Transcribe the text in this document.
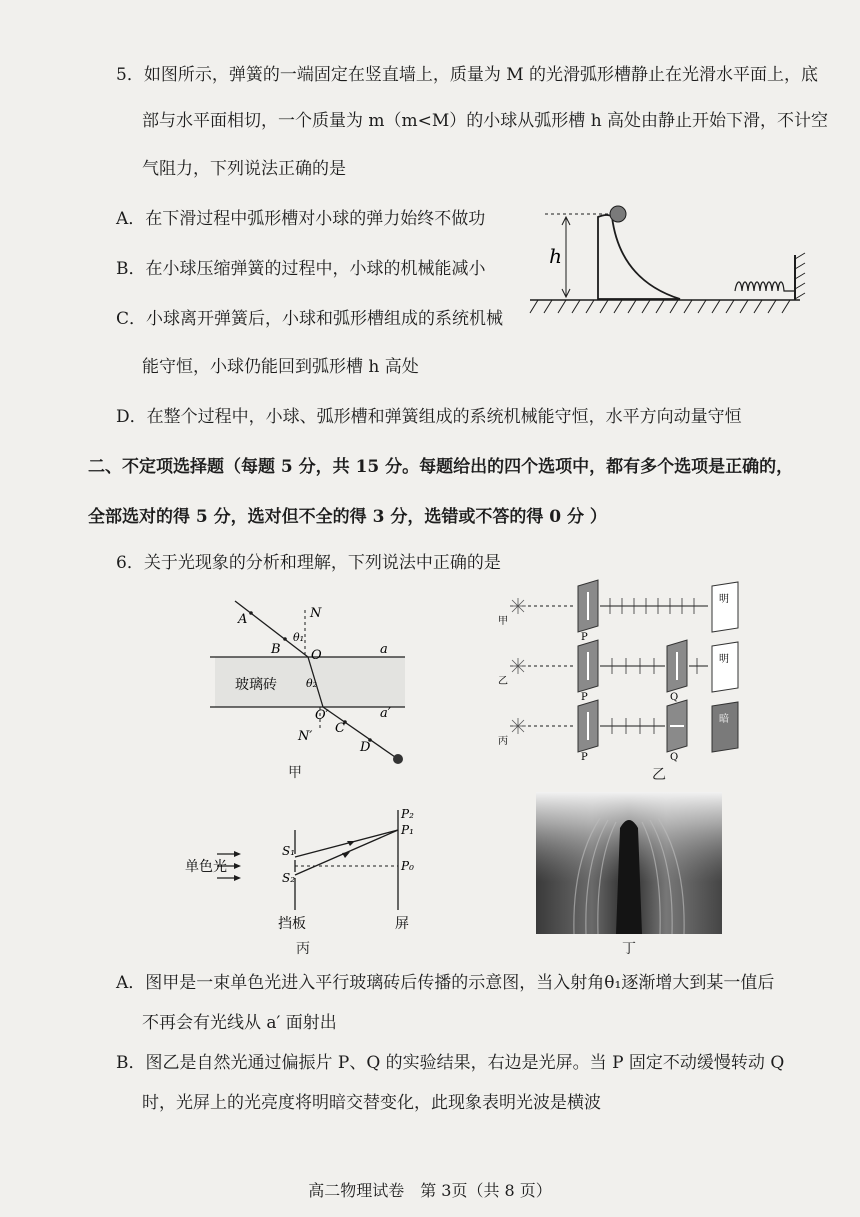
5．如图所示，弹簧的一端固定在竖直墙上，质量为 M 的光滑弧形槽静止在光滑水平面上，底
部与水平面相切，一个质量为 m（m<M）的小球从弧形槽 h 高处由静止开始下滑，不计空
气阻力，下列说法正确的是
A．在下滑过程中弧形槽对小球的弹力始终不做功
B．在小球压缩弹簧的过程中，小球的机械能减小
C．小球离开弹簧后，小球和弧形槽组成的系统机械
能守恒，小球仍能回到弧形槽 h 高处
D．在整个过程中，小球、弧形槽和弹簧组成的系统机械能守恒，水平方向动量守恒
h
二、不定项选择题（每题 5 分，共 15 分。每题给出的四个选项中，都有多个选项是正确的，
全部选对的得 5 分，选对但不全的得 3 分，选错或不答的得 0 分 ）
6．关于光现象的分析和理解，下列说法中正确的是
A
B
C
D
N
N′
O
O′
θ₁
θ₂
a
a′
玻璃砖
甲
甲
乙
丙
P
P
P
Q
Q
明
明
暗
乙
S₁
S₂
P₂
P₁
P₀
单色光
挡板	屏
丙	丁
A．图甲是一束单色光进入平行玻璃砖后传播的示意图，当入射角θ₁逐渐增大到某一值后
不再会有光线从 a′ 面射出
B．图乙是自然光通过偏振片 P、Q 的实验结果，右边是光屏。当 P 固定不动缓慢转动 Q
时，光屏上的光亮度将明暗交替变化，此现象表明光波是横波
高二物理试卷　第 3页（共 8 页）
